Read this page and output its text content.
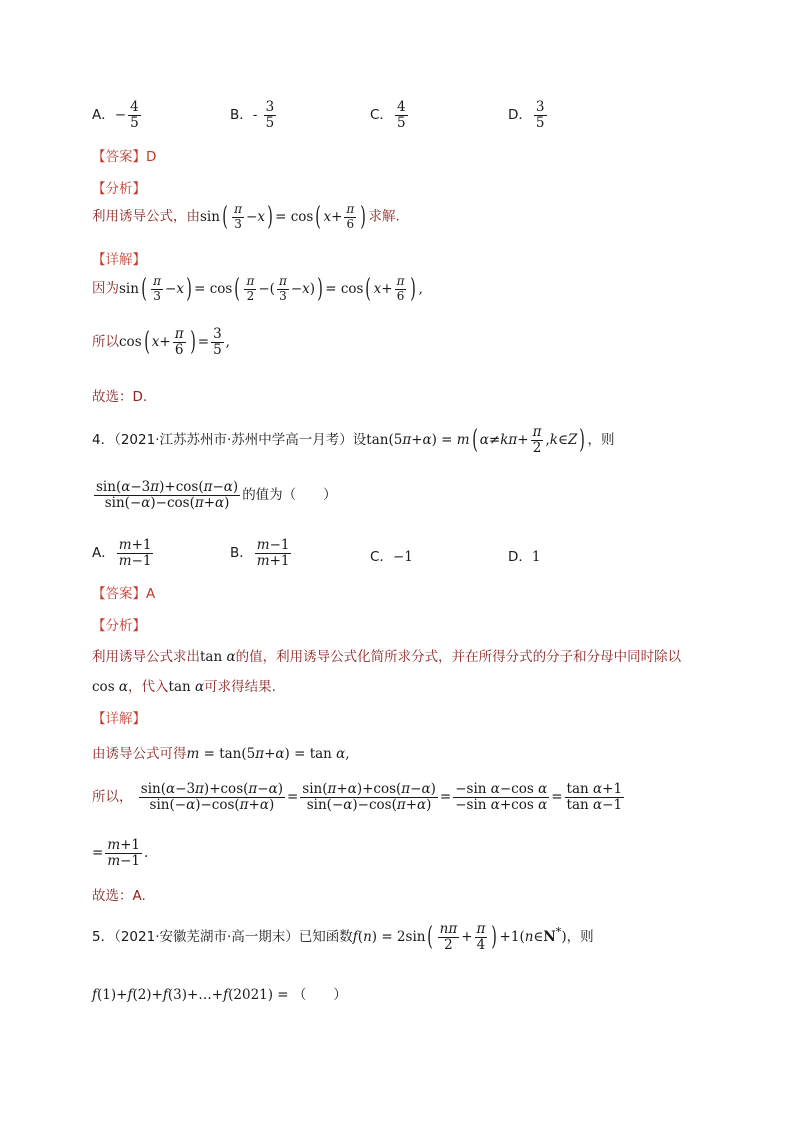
A．− $\frac{4}{5}$	B．- $\frac{3}{5}$	C． $\frac{4}{5}$	D． $\frac{3}{5}$
【答案】D
【分析】
利用诱导公式，由$\sin( \frac{\pi}{3} -x) = \cos$( $x+ \frac{\pi}{6}$ ) 求解.
【详解】
因为$\sin( \frac{\pi}{3} -x) = \cos( \frac{\pi}{2}$ −( $\frac{\pi}{3} -x)) = \cos$( $x+ \frac{\pi}{6}$ ) ,
所以cos( $x+ \frac{\pi}{6}$ ) = $\frac{3}{5}$ ,
故选：D.
4．（2021·江苏苏州市·苏州中学高一月考）设tan(5π+α) = m( $\alpha\ne k\pi+ \frac{\pi}{2}$ ,k∈Z) ，则
$\frac{\sin(\alpha-3\pi)+\cos(\pi-\alpha)}{\sin(-\alpha)-\cos(\pi+\alpha)}$ 的值为（　　）
A． $\frac{m+1}{m-1}$	B． $\frac{m-1}{m+1}$	C．−1	D．1
【答案】A
【分析】
利用诱导公式求出tan α的值，利用诱导公式化简所求分式，并在所得分式的分子和分母中同时除以
cos α，代入tan α可求得结果.
【详解】
由诱导公式可得m = tan(5π+α) = tan α,
所以， $\frac{\sin(\alpha-3\pi)+\cos(\pi-\alpha)}{\sin(-\alpha)-\cos(\pi+\alpha)} = \frac{\sin(\pi+\alpha)+\cos(\pi-\alpha)}{\sin(-\alpha)-\cos(\pi+\alpha)} = \frac{\text{−sin α−cos α}}{\text{−sin α+cos α}} = \frac{\text{tan α+1}}{\text{tan α−1}}$
= $\frac{m+1}{m-1}$ .
故选：A.
5．（2021·安徽芜湖市·高一期末）已知函数$f(n) = 2\sin( \frac{n\pi}{2} + \frac{\pi}{4}$ ) +1(n∈N*)，则
f(1)+f(2)+f(3)+…+f(2021) = （　　）
